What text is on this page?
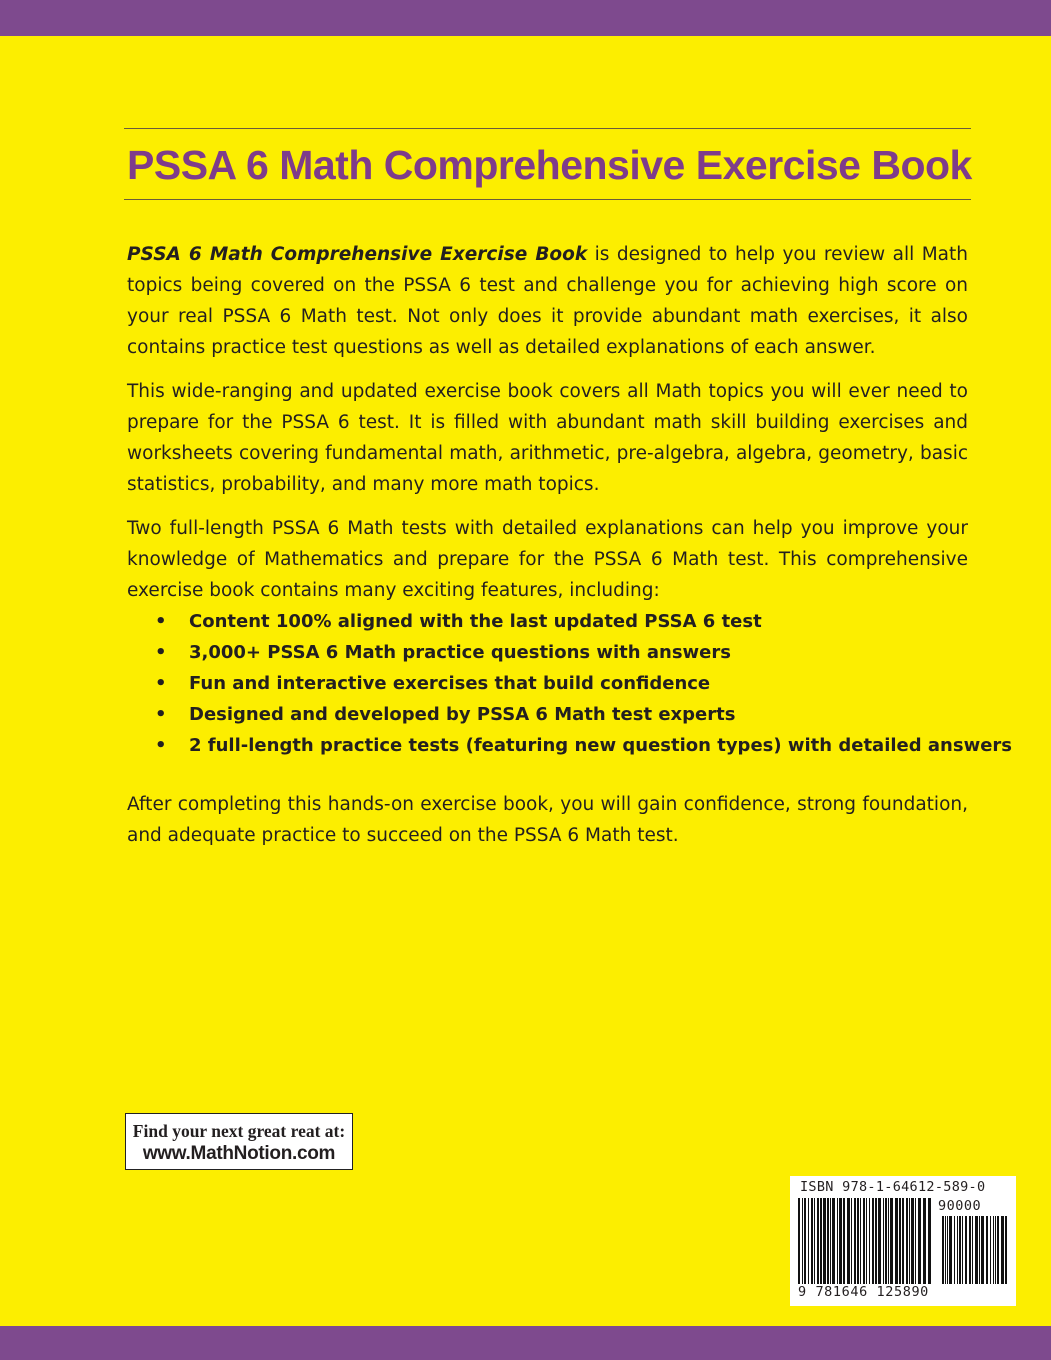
PSSA 6 Math Comprehensive Exercise Book

PSSA 6 Math Comprehensive Exercise Book is designed to help you review all Math topics being covered on the PSSA 6 test and challenge you for achieving high score on your real PSSA 6 Math test. Not only does it provide abundant math exercises, it also contains practice test questions as well as detailed explanations of each answer.

This wide-ranging and updated exercise book covers all Math topics you will ever need to prepare for the PSSA 6 test. It is filled with abundant math skill building exercises and worksheets covering fundamental math, arithmetic, pre-algebra, algebra, geometry, basic statistics, probability, and many more math topics.

Two full-length PSSA 6 Math tests with detailed explanations can help you improve your knowledge of Mathematics and prepare for the PSSA 6 Math test. This comprehensive exercise book contains many exciting features, including:

• Content 100% aligned with the last updated PSSA 6 test
• 3,000+ PSSA 6 Math practice questions with answers
• Fun and interactive exercises that build confidence
• Designed and developed by PSSA 6 Math test experts
• 2 full-length practice tests (featuring new question types) with detailed answers

After completing this hands-on exercise book, you will gain confidence, strong foundation, and adequate practice to succeed on the PSSA 6 Math test.

Find your next great reat at:
www.MathNotion.com
ISBN 978-1-64612-589-0
90000
9 781646 125890
